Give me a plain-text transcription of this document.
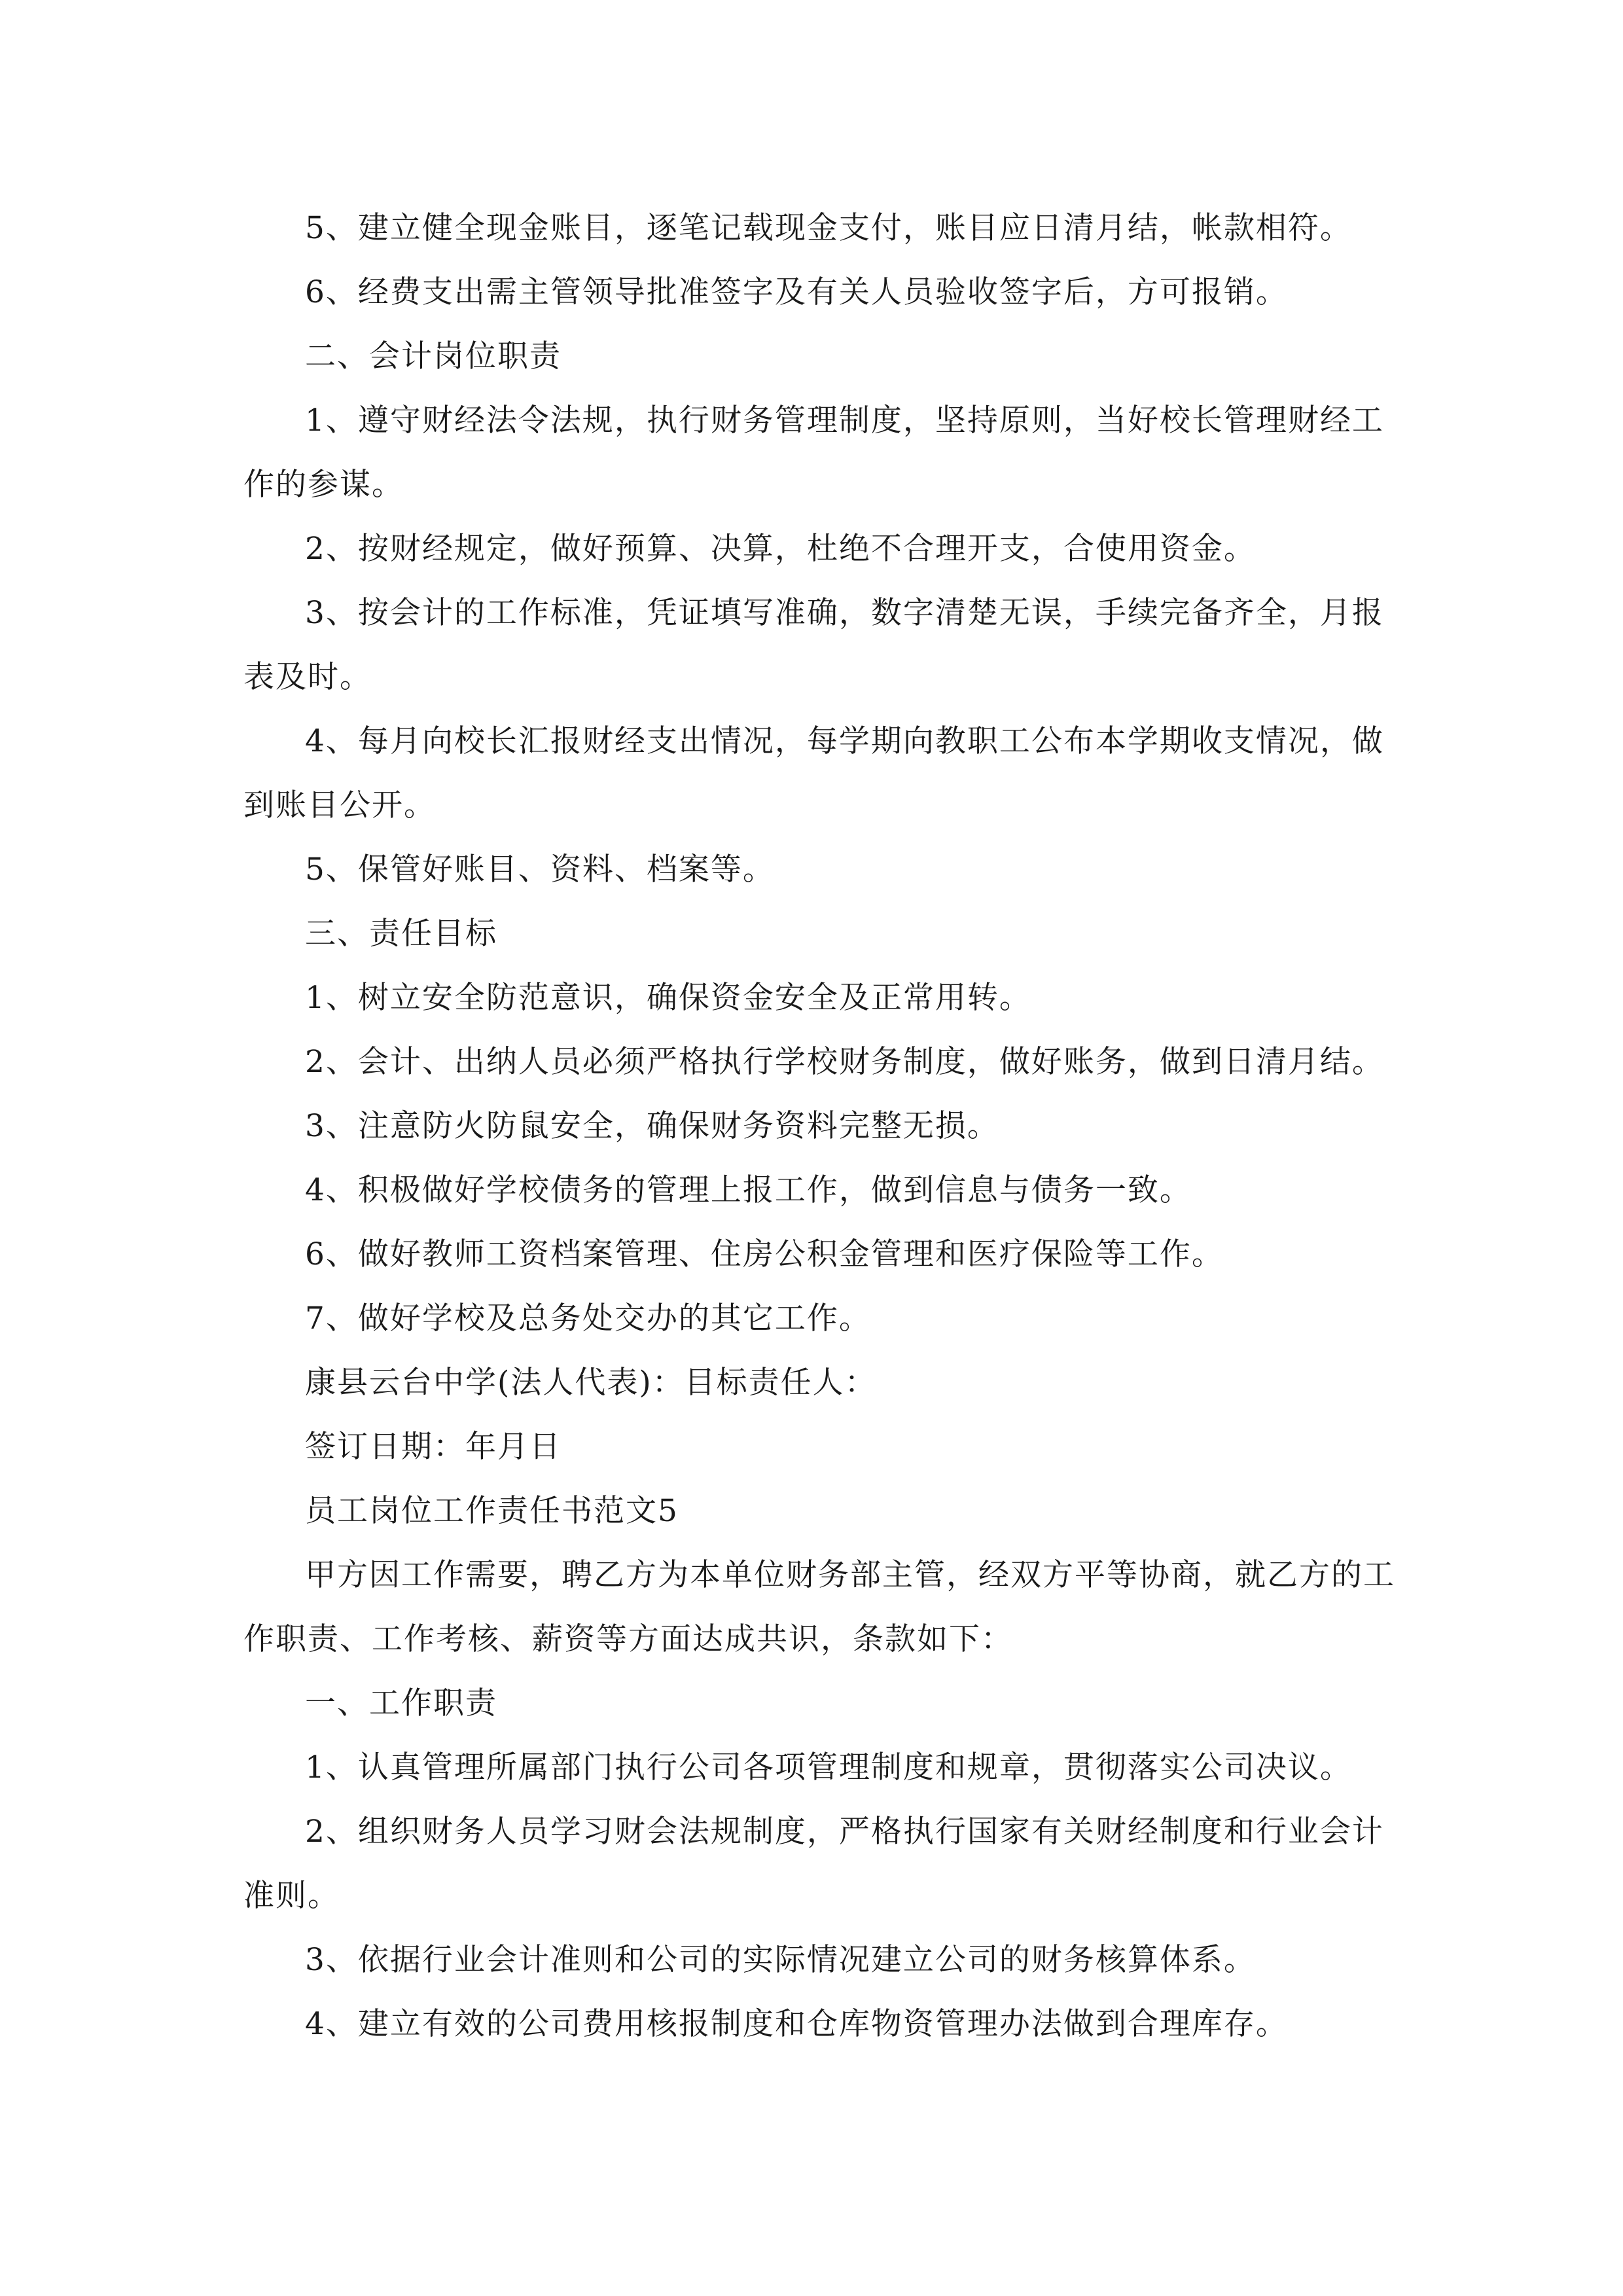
5、建立健全现金账目，逐笔记载现金支付，账目应日清月结，帐款相符。

6、经费支出需主管领导批准签字及有关人员验收签字后，方可报销。

二、会计岗位职责

1、遵守财经法令法规，执行财务管理制度，坚持原则，当好校长管理财经工作的参谋。

2、按财经规定，做好预算、决算，杜绝不合理开支，合使用资金。

3、按会计的工作标准，凭证填写准确，数字清楚无误，手续完备齐全，月报表及时。

4、每月向校长汇报财经支出情况，每学期向教职工公布本学期收支情况，做到账目公开。

5、保管好账目、资料、档案等。

三、责任目标

1、树立安全防范意识，确保资金安全及正常用转。

2、会计、出纳人员必须严格执行学校财务制度，做好账务，做到日清月结。

3、注意防火防鼠安全，确保财务资料完整无损。

4、积极做好学校债务的管理上报工作，做到信息与债务一致。

6、做好教师工资档案管理、住房公积金管理和医疗保险等工作。

7、做好学校及总务处交办的其它工作。

康县云台中学(法人代表)：目标责任人：

签订日期：年月日

员工岗位工作责任书范文5

甲方因工作需要，聘乙方为本单位财务部主管，经双方平等协商，就乙方的工作职责、工作考核、薪资等方面达成共识，条款如下：

一、工作职责

1、认真管理所属部门执行公司各项管理制度和规章，贯彻落实公司决议。

2、组织财务人员学习财会法规制度，严格执行国家有关财经制度和行业会计准则。

3、依据行业会计准则和公司的实际情况建立公司的财务核算体系。

4、建立有效的公司费用核报制度和仓库物资管理办法做到合理库存。
